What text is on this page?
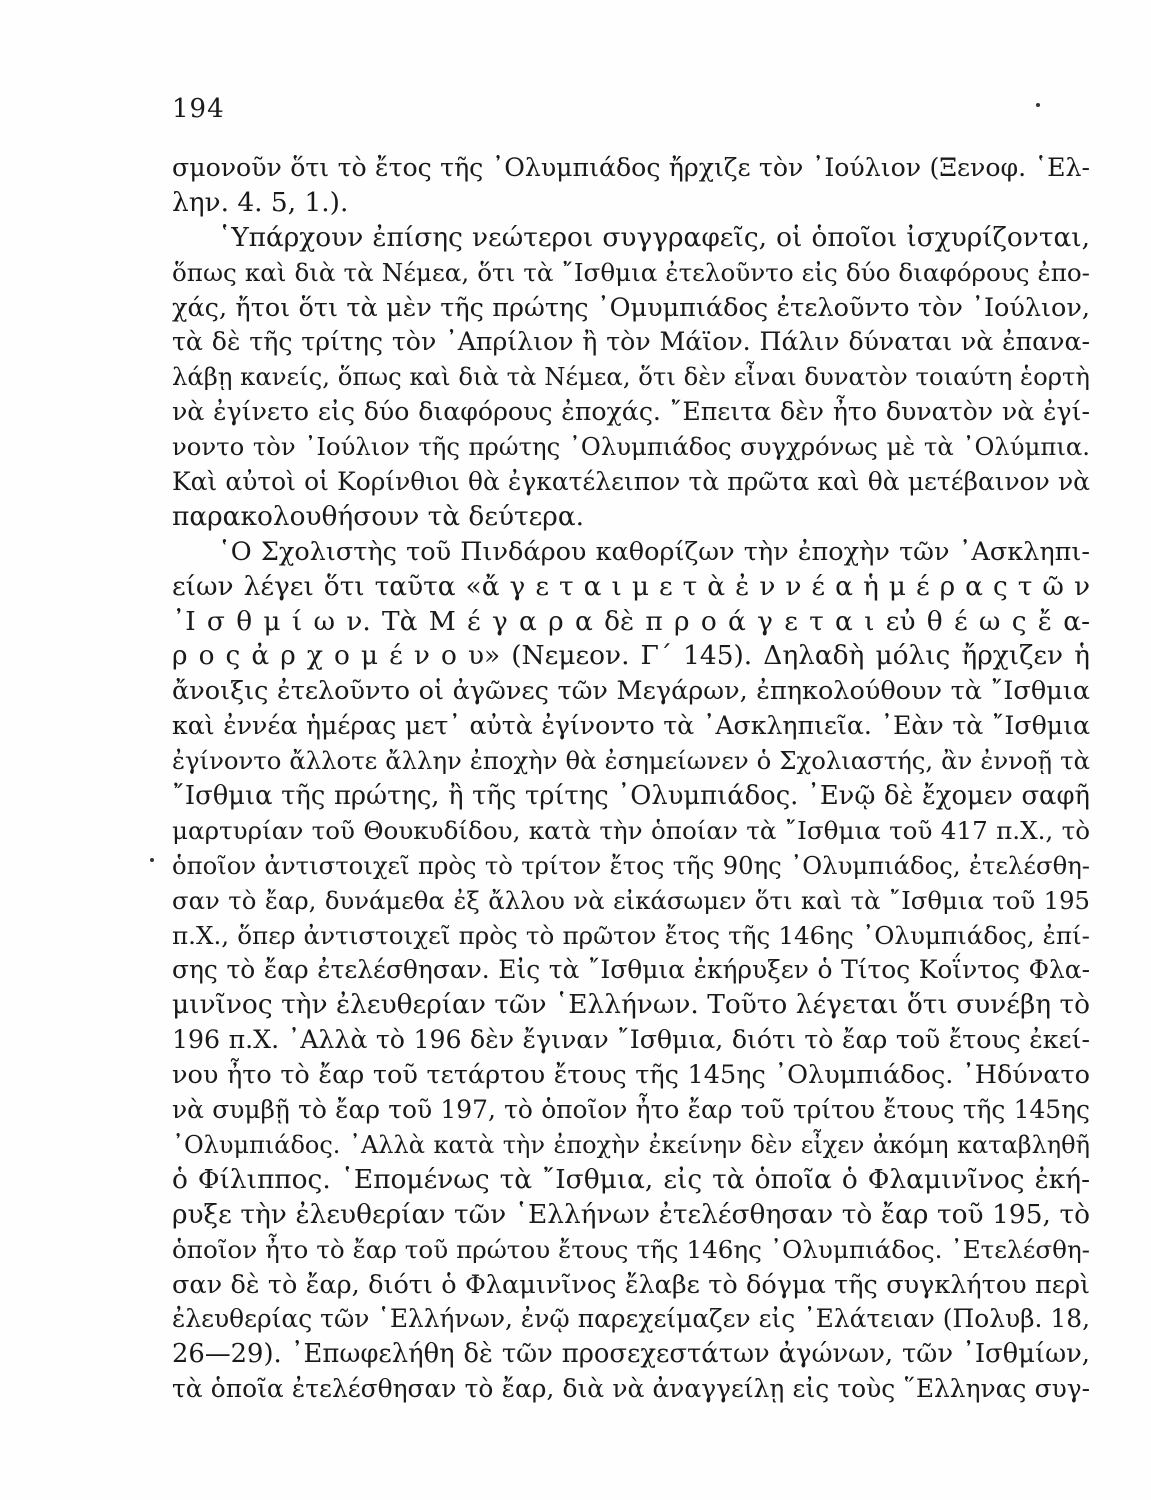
194
σμονοῦν ὅτι τὸ ἔτος τῆς ᾿Ολυμπιάδος ἤρχιζε τὸν ᾿Ιούλιον (Ξενοφ. ῾Ελ-
λην. 4. 5, 1.).
῾Υπάρχουν ἐπίσης νεώτεροι συγγραφεῖς, οἱ ὁποῖοι ἰσχυρίζονται,
ὅπως καὶ διὰ τὰ Νέμεα, ὅτι τὰ ῎Ισθμια ἐτελοῦντο εἰς δύο διαφόρους ἐπο-
χάς, ἤτοι ὅτι τὰ μὲν τῆς πρώτης ᾿Ομυμπιάδος ἐτελοῦντο τὸν ᾿Ιούλιον,
τὰ δὲ τῆς τρίτης τὸν ᾿Απρίλιον ἢ τὸν Μάϊον. Πάλιν δύναται νὰ ἐπανα-
λάβῃ κανείς, ὅπως καὶ διὰ τὰ Νέμεα, ὅτι δὲν εἶναι δυνατὸν τοιαύτη ἑορτὴ
νὰ ἐγίνετο εἰς δύο διαφόρους ἐποχάς. ῎Επειτα δὲν ἦτο δυνατὸν νὰ ἐγί-
νοντο τὸν ᾿Ιούλιον τῆς πρώτης ᾿Ολυμπιάδος συγχρόνως μὲ τὰ ᾿Ολύμπια.
Καὶ αὐτοὶ οἱ Κορίνθιοι θὰ ἐγκατέλειπον τὰ πρῶτα καὶ θὰ μετέβαινον νὰ
παρακολουθήσουν τὰ δεύτερα.
῾Ο Σχολιστὴς τοῦ Πινδάρου καθορίζων τὴν ἐποχὴν τῶν ᾿Ασκληπι-
είων λέγει ὅτι ταῦτα «ἄ γ ε τ α ι μ ε τ ὰ ἐ ν ν έ α ἡ μ έ ρ α ς τ ῶ ν
᾿Ι σ θ μ ί ω ν. Τὰ Μ έ γ α ρ α δὲ π ρ ο ά γ ε τ α ι εὐ θ έ ω ς ἔ α-
ρ ο ς ἀ ρ χ ο μ έ ν ο υ» (Νεμεον. Γ΄ 145). Δηλαδὴ μόλις ἤρχιζεν ἡ
ἄνοιξις ἐτελοῦντο οἱ ἀγῶνες τῶν Μεγάρων, ἐπηκολούθουν τὰ ῎Ισθμια
καὶ ἐννέα ἡμέρας μετ᾿ αὐτὰ ἐγίνοντο τὰ ᾿Ασκληπιεῖα. ᾿Εὰν τὰ ῎Ισθμια
ἐγίνοντο ἄλλοτε ἄλλην ἐποχὴν θὰ ἐσημείωνεν ὁ Σχολιαστής, ἂν ἐννοῇ τὰ
῎Ισθμια τῆς πρώτης, ἢ τῆς τρίτης ᾿Ολυμπιάδος. ᾿Ενῷ δὲ ἔχομεν σαφῆ
μαρτυρίαν τοῦ Θουκυδίδου, κατὰ τὴν ὁποίαν τὰ ῎Ισθμια τοῦ 417 π.Χ., τὸ
ὁποῖον ἀντιστοιχεῖ πρὸς τὸ τρίτον ἔτος τῆς 90ης ᾿Ολυμπιάδος, ἐτελέσθη-
σαν τὸ ἔαρ, δυνάμεθα ἐξ ἄλλου νὰ εἰκάσωμεν ὅτι καὶ τὰ ῎Ισθμια τοῦ 195
π.Χ., ὅπερ ἀντιστοιχεῖ πρὸς τὸ πρῶτον ἔτος τῆς 146ης ᾿Ολυμπιάδος, ἐπί-
σης τὸ ἔαρ ἐτελέσθησαν. Εἰς τὰ ῎Ισθμια ἐκήρυξεν ὁ Τίτος Κοΐντος Φλα-
μινῖνος τὴν ἐλευθερίαν τῶν ῾Ελλήνων. Τοῦτο λέγεται ὅτι συνέβη τὸ
196 π.Χ. ᾿Αλλὰ τὸ 196 δὲν ἔγιναν ῎Ισθμια, διότι τὸ ἔαρ τοῦ ἔτους ἐκεί-
νου ἦτο τὸ ἔαρ τοῦ τετάρτου ἔτους τῆς 145ης ᾿Ολυμπιάδος. ᾿Ηδύνατο
νὰ συμβῇ τὸ ἔαρ τοῦ 197, τὸ ὁποῖον ἦτο ἔαρ τοῦ τρίτου ἔτους τῆς 145ης
᾿Ολυμπιάδος. ᾿Αλλὰ κατὰ τὴν ἐποχὴν ἐκείνην δὲν εἶχεν ἀκόμη καταβληθῆ
ὁ Φίλιππος. ῾Επομένως τὰ ῎Ισθμια, εἰς τὰ ὁποῖα ὁ Φλαμινῖνος ἐκή-
ρυξε τὴν ἐλευθερίαν τῶν ῾Ελλήνων ἐτελέσθησαν τὸ ἔαρ τοῦ 195, τὸ
ὁποῖον ἦτο τὸ ἔαρ τοῦ πρώτου ἔτους τῆς 146ης ᾿Ολυμπιάδος. ᾿Ετελέσθη-
σαν δὲ τὸ ἔαρ, διότι ὁ Φλαμινῖνος ἔλαβε τὸ δόγμα τῆς συγκλήτου περὶ
ἐλευθερίας τῶν ῾Ελλήνων, ἐνῷ παρεχείμαζεν εἰς ᾿Ελάτειαν (Πολυβ. 18,
26—29). ᾿Επωφελήθη δὲ τῶν προσεχεστάτων ἀγώνων, τῶν ᾿Ισθμίων,
τὰ ὁποῖα ἐτελέσθησαν τὸ ἔαρ, διὰ νὰ ἀναγγείλῃ εἰς τοὺς ῞Ελληνας συγ-
